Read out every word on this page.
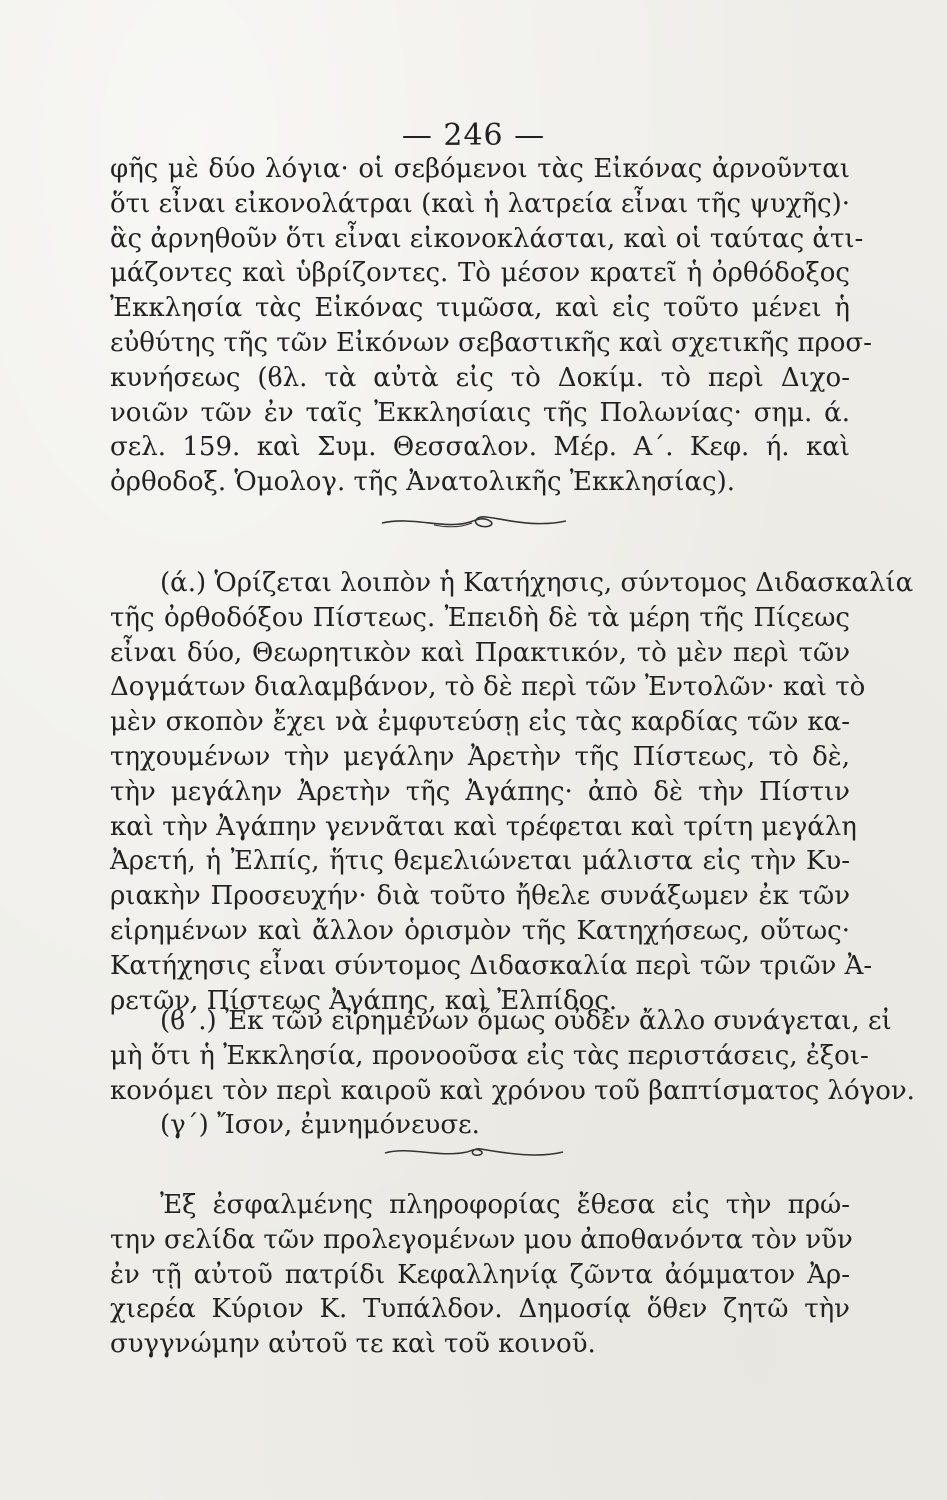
— 246 —
φῆς μὲ δύο λόγια· οἱ σεβόμενοι τὰς Εἰκόνας ἀρνοῦνται
ὅτι εἶναι εἰκονολάτραι (καὶ ἡ λατρεία εἶναι τῆς ψυχῆς)·
ἃς ἀρνηθοῦν ὅτι εἶναι εἰκονοκλάσται, καὶ οἱ ταύτας ἀτι-
μάζοντες καὶ ὑβρίζοντες. Τὸ μέσον κρατεῖ ἡ ὀρθόδοξος
Ἐκκλησία τὰς Εἰκόνας τιμῶσα, καὶ εἰς τοῦτο μένει ἡ
εὐθύτης τῆς τῶν Εἰκόνων σεβαστικῆς καὶ σχετικῆς προσ-
κυνήσεως (ϐλ. τὰ αὐτὰ εἰς τὸ Δοκίμ. τὸ περὶ Διχο-
νοιῶν τῶν ἐν ταῖς Ἐκκλησίαις τῆς Πολωνίας· σημ. ά.
σελ. 159. καὶ Συμ. Θεσσαλον. Μέρ. Α΄. Κεφ. ή. καὶ
ὀρθοδοξ. Ὁμολογ. τῆς Ἀνατολικῆς Ἐκκλησίας).
(ά.) Ὁρίζεται λοιπὸν ἡ Κατήχησις, σύντομος Διδασκαλία
τῆς ὀρθοδόξου Πίστεως. Ἐπειδὴ δὲ τὰ μέρη τῆς Πίςεως
εἶναι δύο, Θεωρητικὸν καὶ Πρακτικόν, τὸ μὲν περὶ τῶν
Δογμάτων διαλαμβάνον, τὸ δὲ περὶ τῶν Ἐντολῶν· καὶ τὸ
μὲν σκοπὸν ἔχει νὰ ἐμφυτεύσῃ εἰς τὰς καρδίας τῶν κα-
τηχουμένων τὴν μεγάλην Ἀρετὴν τῆς Πίστεως, τὸ δὲ,
τὴν μεγάλην Ἀρετὴν τῆς Ἀγάπης· ἀπὸ δὲ τὴν Πίστιν
καὶ τὴν Ἀγάπην γεννᾶται καὶ τρέφεται καὶ τρίτη μεγάλη
Ἀρετή, ἡ Ἐλπίς, ἥτις θεμελιώνεται μάλιστα εἰς τὴν Κυ-
ριακὴν Προσευχήν· διὰ τοῦτο ἤθελε συνάξωμεν ἐκ τῶν
εἰρημένων καὶ ἄλλον ὁρισμὸν τῆς Κατηχήσεως, οὕτως·
Κατήχησις εἶναι σύντομος Διδασκαλία περὶ τῶν τριῶν Ἀ-
ρετῶν, Πίστεως Ἀγάπης, καὶ Ἐλπίδος.
(ϐ΄.) Ἐκ τῶν εἰρημένων ὅμως οὐδὲν ἄλλο συνάγεται, εἰ
μὴ ὅτι ἡ Ἐκκλησία, προνοοῦσα εἰς τὰς περιστάσεις, ἐξοι-
κονόμει τὸν περὶ καιροῦ καὶ χρόνου τοῦ βαπτίσματος λόγον.
(γ΄) Ἴσον, ἐμνημόνευσε.
Ἐξ ἐσφαλμένης πληροφορίας ἔθεσα εἰς τὴν πρώ-
την σελίδα τῶν προλεγομένων μου ἀποθανόντα τὸν νῦν
ἐν τῇ αὐτοῦ πατρίδι Κεφαλληνίᾳ ζῶντα ἀόμματον Ἀρ-
χιερέα Κύριον Κ. Τυπάλδον. Δημοσίᾳ ὅθεν ζητῶ τὴν
συγγνώμην αὐτοῦ τε καὶ τοῦ κοινοῦ.
